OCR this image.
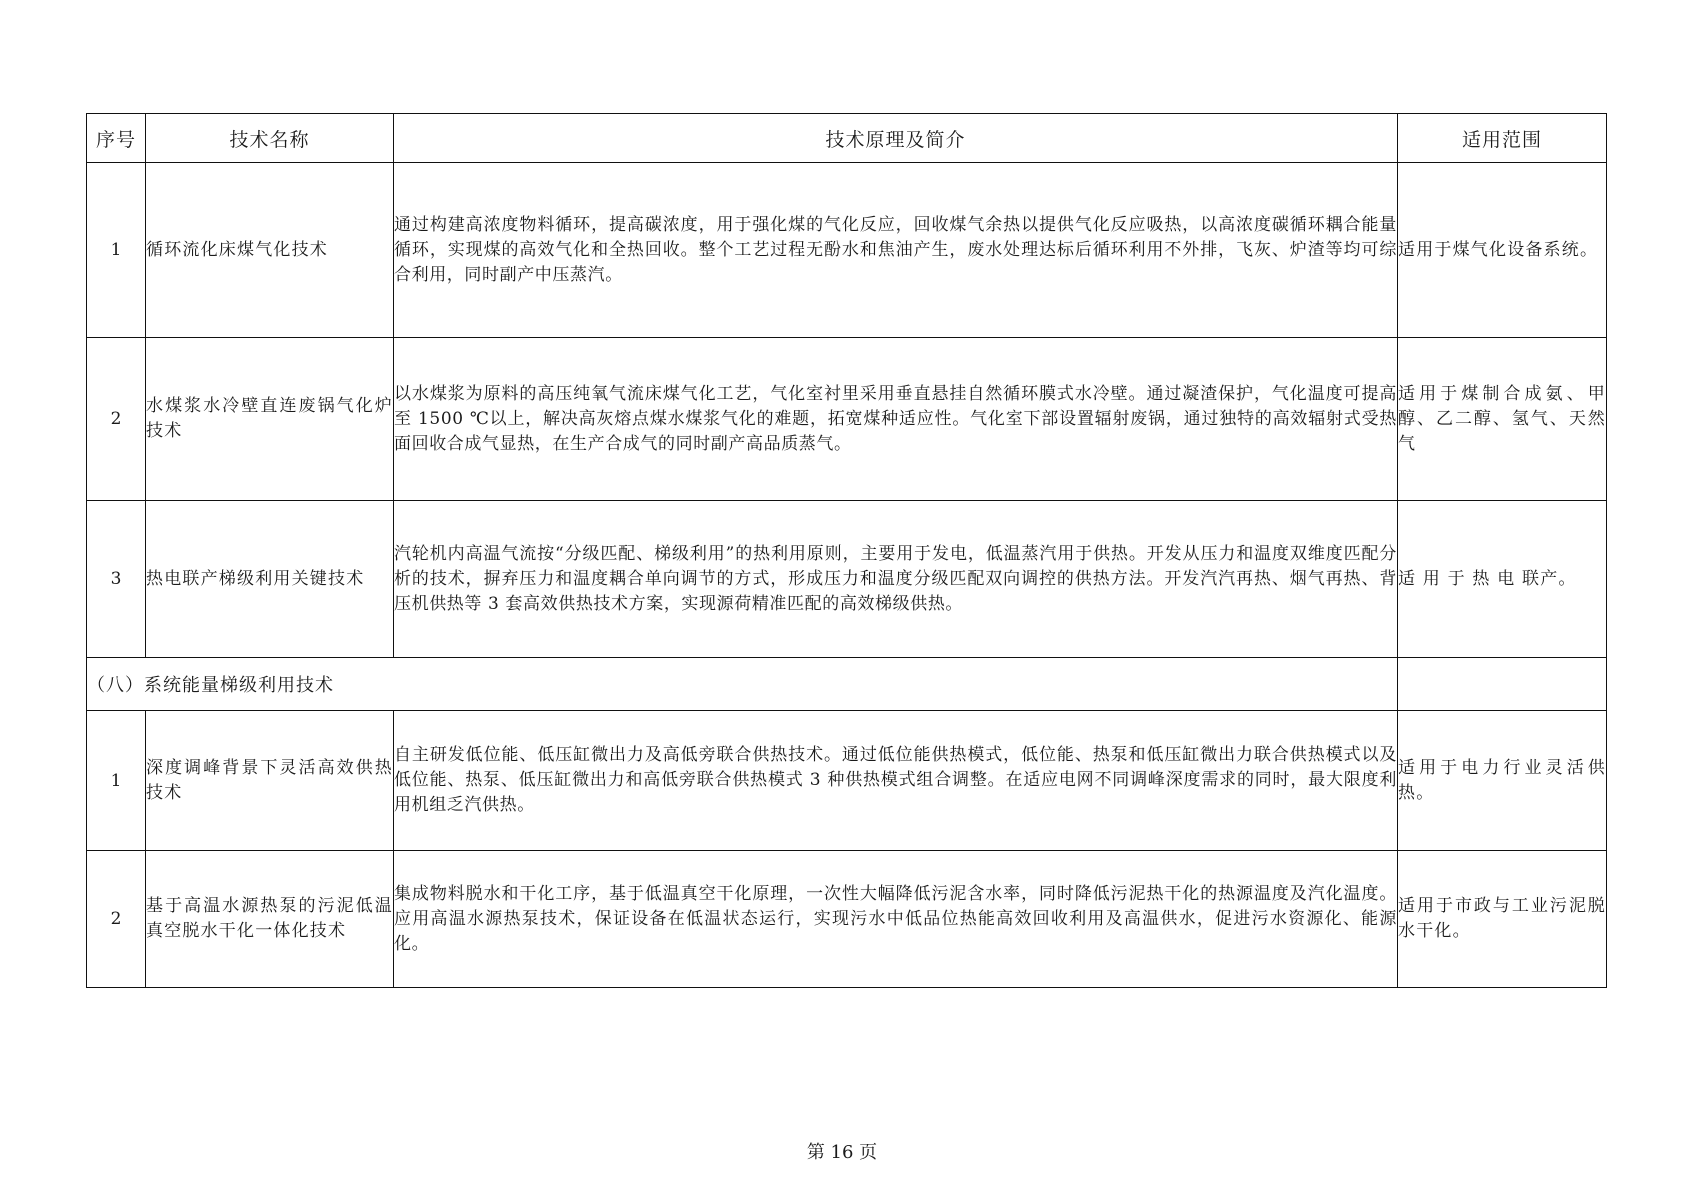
序号	技术名称	技术原理及简介	适用范围
1	循环流化床煤气化技术	通过构建高浓度物料循环，提高碳浓度，用于强化煤的气化反应，回收煤气余热以提供气化反应吸热，以高浓度碳循环耦合能量循环，实现煤的高效气化和全热回收。整个工艺过程无酚水和焦油产生，废水处理达标后循环利用不外排，飞灰、炉渣等均可综合利用，同时副产中压蒸汽。	适用于煤气化设备系统。
2	水煤浆水冷壁直连废锅气化炉技术	以水煤浆为原料的高压纯氧气流床煤气化工艺，气化室衬里采用垂直悬挂自然循环膜式水冷壁。通过凝渣保护，气化温度可提高至 1500 ℃以上，解决高灰熔点煤水煤浆气化的难题，拓宽煤种适应性。气化室下部设置辐射废锅，通过独特的高效辐射式受热面回收合成气显热，在生产合成气的同时副产高品质蒸气。	适用于煤制合成氨、甲醇、乙二醇、氢气、天然气
3	热电联产梯级利用关键技术	汽轮机内高温气流按“分级匹配、梯级利用”的热利用原则，主要用于发电，低温蒸汽用于供热。开发从压力和温度双维度匹配分析的技术，摒弃压力和温度耦合单向调节的方式，形成压力和温度分级匹配双向调控的供热方法。开发汽汽再热、烟气再热、背压机供热等 3 套高效供热技术方案，实现源荷精准匹配的高效梯级供热。	适 用 于 热 电 联产。
（八）系统能量梯级利用技术			
1	深度调峰背景下灵活高效供热技术	自主研发低位能、低压缸微出力及高低旁联合供热技术。通过低位能供热模式，低位能、热泵和低压缸微出力联合供热模式以及低位能、热泵、低压缸微出力和高低旁联合供热模式 3 种供热模式组合调整。在适应电网不同调峰深度需求的同时，最大限度利用机组乏汽供热。	适用于电力行业灵活供热。
2	基于高温水源热泵的污泥低温真空脱水干化一体化技术	集成物料脱水和干化工序，基于低温真空干化原理，一次性大幅降低污泥含水率，同时降低污泥热干化的热源温度及汽化温度。应用高温水源热泵技术，保证设备在低温状态运行，实现污水中低品位热能高效回收利用及高温供水，促进污水资源化、能源化。	适用于市政与工业污泥脱水干化。
第 16 页
